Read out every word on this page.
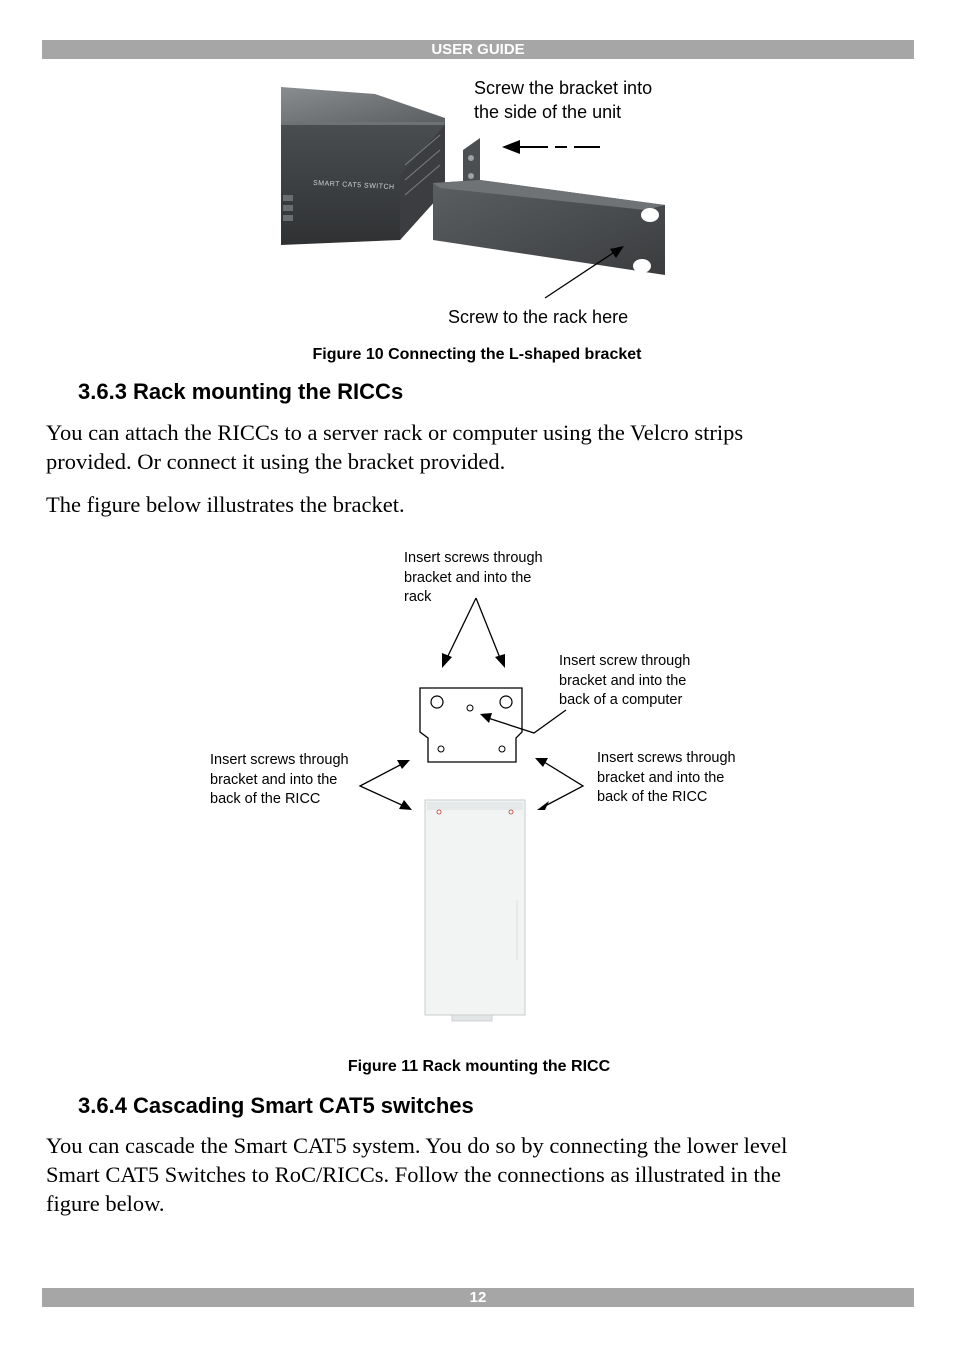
USER GUIDE
12
Screw the bracket into
the side of the unit
Screw to the rack here
SMART CAT5 SWITCH
Figure 10 Connecting the L-shaped bracket
3.6.3 Rack mounting the RICCs
You can attach the RICCs to a server rack or computer using the Velcro strips
provided. Or connect it using the bracket provided.
The figure below illustrates the bracket.
Insert screws through
bracket and into the
rack
Insert screw through
bracket and into the
back of a computer
Insert screws through
bracket and into the
back of the RICC
Insert screws through
bracket and into the
back of the RICC
Figure 11 Rack mounting the RICC
3.6.4 Cascading Smart CAT5 switches
You can cascade the Smart CAT5 system. You do so by connecting the lower level
Smart CAT5 Switches to RoC/RICCs. Follow the connections as illustrated in the
figure below.
